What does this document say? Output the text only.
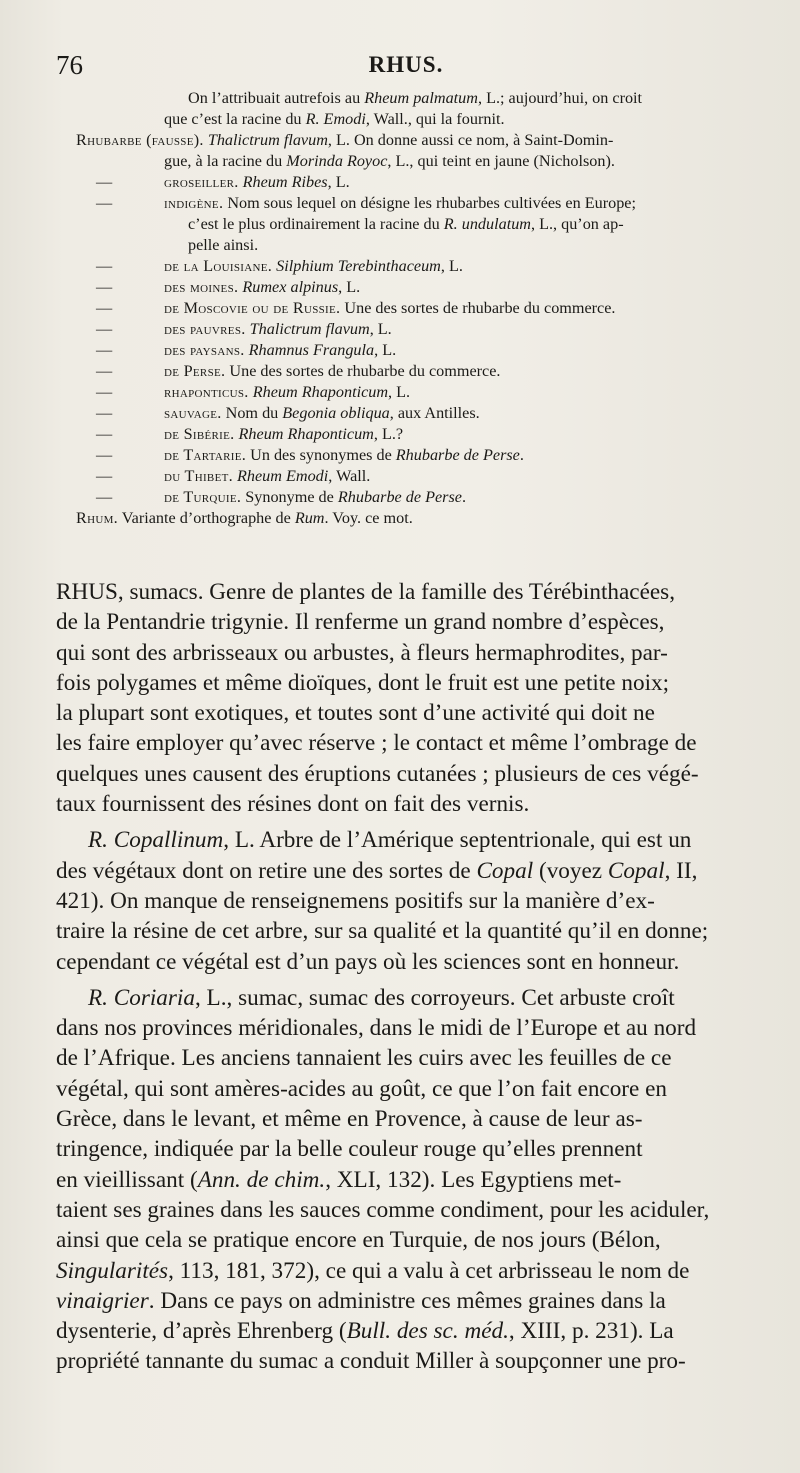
76	RHUS.
On l’attribuait autrefois au Rheum palmatum, L.; aujourd’hui, on croit
que c’est la racine du R. Emodi, Wall., qui la fournit.
Rhubarbe (fausse). Thalictrum flavum, L. On donne aussi ce nom, à Saint-Domin-
gue, à la racine du Morinda Royoc, L., qui teint en jaune (Nicholson).
—	groseiller. Rheum Ribes, L.
—	indigène. Nom sous lequel on désigne les rhubarbes cultivées en Europe;
c’est le plus ordinairement la racine du R. undulatum, L., qu’on ap-
pelle ainsi.
—	de la Louisiane. Silphium Terebinthaceum, L.
—	des moines. Rumex alpinus, L.
—	de Moscovie ou de Russie. Une des sortes de rhubarbe du commerce.
—	des pauvres. Thalictrum flavum, L.
—	des paysans. Rhamnus Frangula, L.
—	de Perse. Une des sortes de rhubarbe du commerce.
—	rhaponticus. Rheum Rhaponticum, L.
—	sauvage. Nom du Begonia obliqua, aux Antilles.
—	de Sibérie. Rheum Rhaponticum, L.?
—	de Tartarie. Un des synonymes de Rhubarbe de Perse.
—	du Thibet. Rheum Emodi, Wall.
—	de Turquie. Synonyme de Rhubarbe de Perse.
Rhum. Variante d’orthographe de Rum. Voy. ce mot.
RHUS, sumacs. Genre de plantes de la famille des Térébinthacées,
de la Pentandrie trigynie. Il renferme un grand nombre d’espèces,
qui sont des arbrisseaux ou arbustes, à fleurs hermaphrodites, par-
fois polygames et même dioïques, dont le fruit est une petite noix;
la plupart sont exotiques, et toutes sont d’une activité qui doit ne
les faire employer qu’avec réserve ; le contact et même l’ombrage de
quelques unes causent des éruptions cutanées ; plusieurs de ces végé-
taux fournissent des résines dont on fait des vernis.
R. Copallinum, L. Arbre de l’Amérique septentrionale, qui est un
des végétaux dont on retire une des sortes de Copal (voyez Copal, II,
421). On manque de renseignemens positifs sur la manière d’ex-
traire la résine de cet arbre, sur sa qualité et la quantité qu’il en donne;
cependant ce végétal est d’un pays où les sciences sont en honneur.
R. Coriaria, L., sumac, sumac des corroyeurs. Cet arbuste croît
dans nos provinces méridionales, dans le midi de l’Europe et au nord
de l’Afrique. Les anciens tannaient les cuirs avec les feuilles de ce
végétal, qui sont amères-acides au goût, ce que l’on fait encore en
Grèce, dans le levant, et même en Provence, à cause de leur as-
tringence, indiquée par la belle couleur rouge qu’elles prennent
en vieillissant (Ann. de chim., XLI, 132). Les Egyptiens met-
taient ses graines dans les sauces comme condiment, pour les aciduler,
ainsi que cela se pratique encore en Turquie, de nos jours (Bélon,
Singularités, 113, 181, 372), ce qui a valu à cet arbrisseau le nom de
vinaigrier. Dans ce pays on administre ces mêmes graines dans la
dysenterie, d’après Ehrenberg (Bull. des sc. méd., XIII, p. 231). La
propriété tannante du sumac a conduit Miller à soupçonner une pro-
